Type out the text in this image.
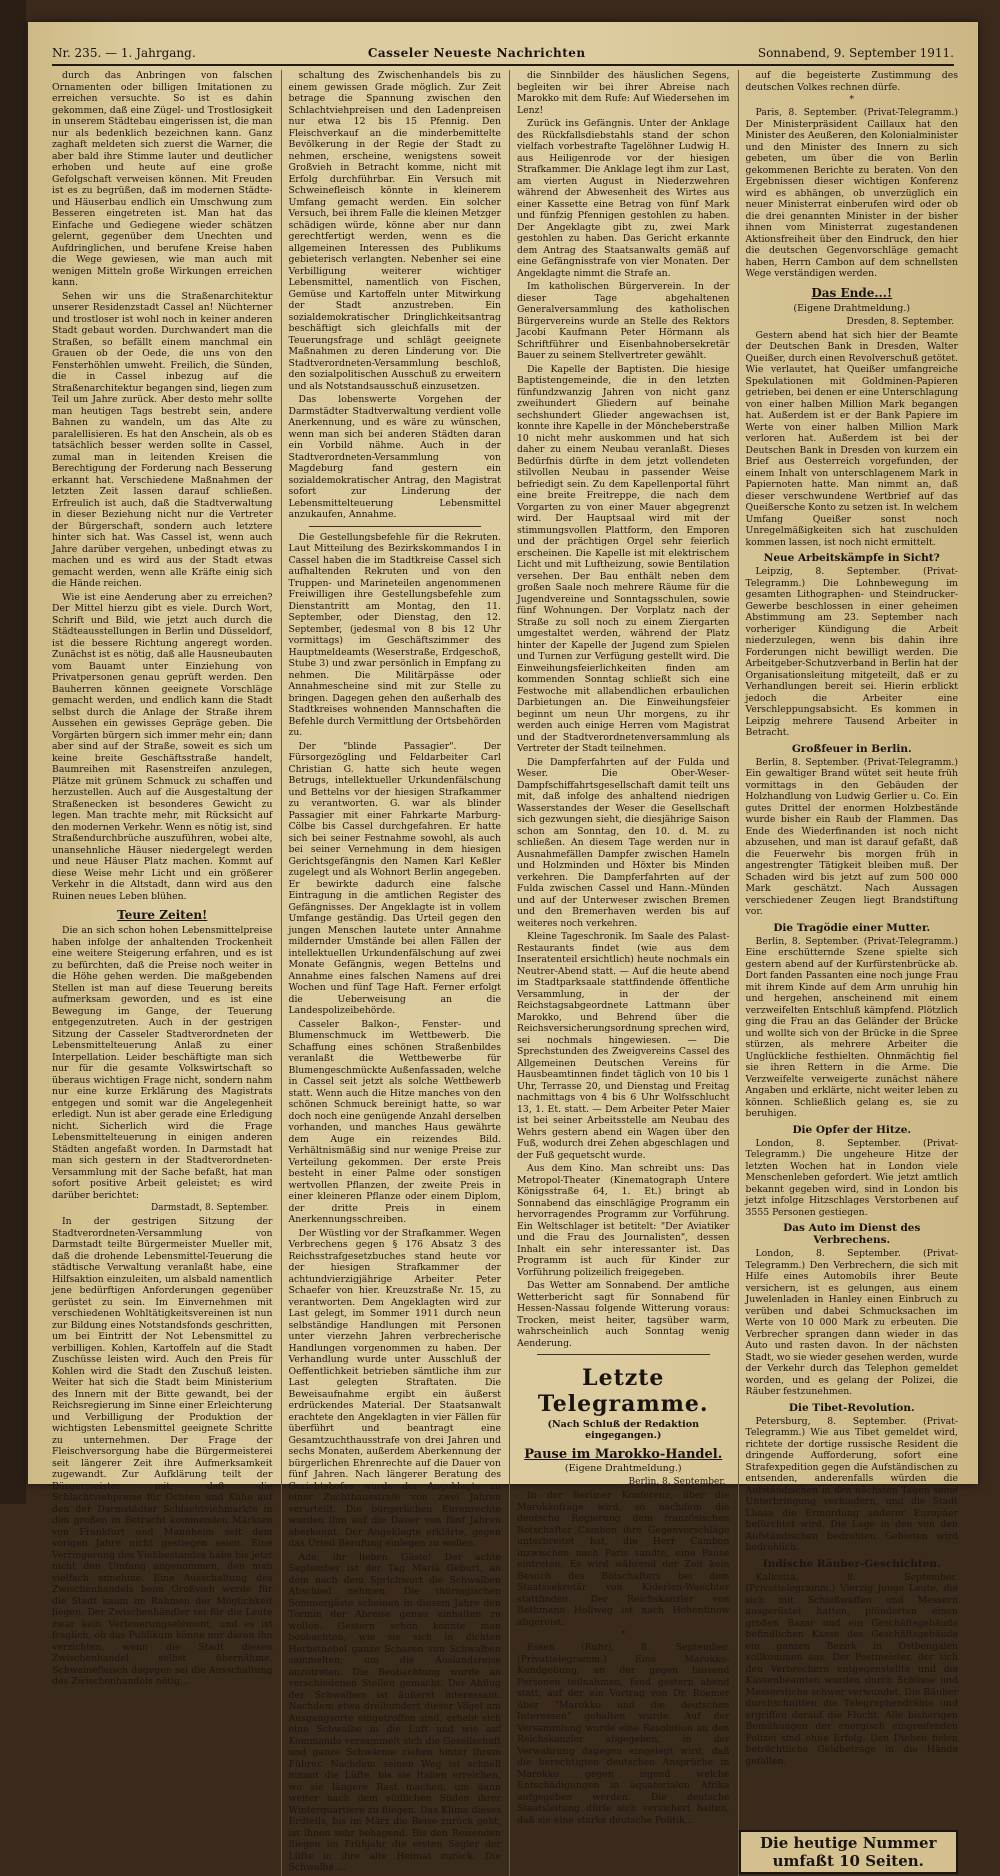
Nr. 235. — 1. Jahrgang.	Casseler Neueste Nachrichten	Sonnabend, 9. September 1911.

durch das Anbringen von falschen Ornamenten oder billigen Imitationen zu erreichen versuchte. So ist es dahin gekommen, daß eine Zügel- und Trostlosigkeit in unserem Städtebau eingerissen ist, die man nur als bedenklich bezeichnen kann. Ganz zaghaft meldeten sich zuerst die Warner, die aber bald ihre Stimme lauter und deutlicher erhoben und heute auf eine große Gefolgschaft verweisen können. Mit Freuden ist es zu begrüßen, daß im modernen Städte- und Häuserbau endlich ein Umschwung zum Besseren eingetreten ist. Man hat das Einfache und Gediegene wieder schätzen gelernt, gegenüber dem Unechten und Aufdringlichen, und berufene Kreise haben die Wege gewiesen, wie man auch mit wenigen Mitteln große Wirkungen erreichen kann.

Sehen wir uns die Straßenarchitektur unserer Residenzstadt Cassel an! Nüchterner und trostloser ist wohl noch in keiner anderen Stadt gebaut worden. Durchwandert man die Straßen, so befällt einem manchmal ein Grauen ob der Oede, die uns von den Fensterhöhlen umweht. Freilich, die Sünden, die in Cassel inbezug auf die Straßenarchitektur begangen sind, liegen zum Teil um Jahre zurück. Aber desto mehr sollte man heutigen Tags bestrebt sein, andere Bahnen zu wandeln, um das Alte zu paralellisieren. Es hat den Anschein, als ob es tatsächlich besser werden sollte in Cassel, zumal man in leitenden Kreisen die Berechtigung der Forderung nach Besserung erkannt hat. Verschiedene Maßnahmen der letzten Zeit lassen darauf schließen. Erfreulich ist auch, daß die Stadtverwaltung in dieser Beziehung nicht nur die Vertreter der Bürgerschaft, sondern auch letztere hinter sich hat. Was Cassel ist, wenn auch Jahre darüber vergehen, unbedingt etwas zu machen und es wird aus der Stadt etwas gemacht werden, wenn alle Kräfte einig sich die Hände reichen.

Wie ist eine Aenderung aber zu erreichen? Der Mittel hierzu gibt es viele. Durch Wort, Schrift und Bild, wie jetzt auch durch die Städteausstellungen in Berlin und Düsseldorf, ist die bessere Richtung angeregt worden. Zunächst ist es nötig, daß alle Hausneubauten vom Bauamt unter Einziehung von Privatpersonen genau geprüft werden. Den Bauherren können geeignete Vorschläge gemacht werden, und endlich kann die Stadt selbst durch die Anlage der Straße ihrem Aussehen ein gewisses Gepräge geben. Die Vorgärten bürgern sich immer mehr ein; dann aber sind auf der Straße, soweit es sich um keine breite Geschäftsstraße handelt, Baumreihen mit Rasenstreifen anzulegen, Plätze mit grünem Schmuck zu schaffen und herzustellen. Auch auf die Ausgestaltung der Straßenecken ist besonderes Gewicht zu legen. Man trachte mehr, mit Rücksicht auf den modernen Verkehr. Wenn es nötig ist, sind Straßendurchbrüche auszuführen, wobei alte, unansehnliche Häuser niedergelegt werden und neue Häuser Platz machen. Kommt auf diese Weise mehr Licht und ein größerer Verkehr in die Altstadt, dann wird aus den Ruinen neues Leben blühen.

Teure Zeiten!

Die an sich schon hohen Lebensmittelpreise haben infolge der anhaltenden Trockenheit eine weitere Steigerung erfahren, und es ist zu befürchten, daß die Preise noch weiter in die Höhe gehen werden. Die maßgebenden Stellen ist man auf diese Teuerung bereits aufmerksam geworden, und es ist eine Bewegung im Gange, der Teuerung entgegenzutreten. Auch in der gestrigen Sitzung der Casseler Stadtverordneten der Lebensmittelteuerung Anlaß zu einer Interpellation. Leider beschäftigte man sich nur für die gesamte Volkswirtschaft so überaus wichtigen Frage nicht, sondern nahm nur eine kurze Erklärung des Magistrats entgegen und somit war die Angelegenheit erledigt. Nun ist aber gerade eine Erledigung nicht. Sicherlich wird die Frage Lebensmittelteuerung in einigen anderen Städten angefaßt worden. In Darmstadt hat man sich gestern in der Stadtverordneten-Versammlung mit der Sache befaßt, hat man sofort positive Arbeit geleistet; es wird darüber berichtet:

Darmstadt, 8. September.

In der gestrigen Sitzung der Stadtverordneten-Versammlung von Darmstadt teilte Bürgermeister Mueller mit, daß die drohende Lebensmittel-Teuerung die städtische Verwaltung veranlaßt habe, eine Hilfsaktion einzuleiten, um alsbald namentlich jene bedürftigen Anforderungen gegenüber gerüstet zu sein. Im Einvernehmen mit verschiedenen Wohltätigkeitsvereinen ist nun zur Bildung eines Notstandsfonds geschritten, um bei Eintritt der Not Lebensmittel zu verbilligen. Kohlen, Kartoffeln auf die Stadt Zuschüsse leisten wird. Auch den Preis für Kohlen wird die Stadt den Zuschuß leisten. Weiter hat sich die Stadt beim Ministerium des Innern mit der Bitte gewandt, bei der Reichsregierung im Sinne einer Erleichterung und Verbilligung der Produktion der wichtigsten Lebensmittel geeignete Schritte zu unternehmen. Der Frage der Fleischversorgung habe die Bürgermeisterei seit längerer Zeit ihre Aufmerksamkeit zugewandt. Zur Aufklärung teilt der Bürgermeister mit, daß die Schlachtviehpreise für Ochsen und Kühe auf den der Darmstädter Schlachtviehmarkte in den großen in Betracht kommenden Märkten von Frankfurt und Mannheim seit dem vorigen Jahre nicht gestiegen seien. Eine Verringerung des Viehbestandes habe bis jetzt nicht den Umfang angenommen, den man vielfach annehme. Eine Ausschaltung des Zwischenhandels beim Großvieh werde für die Stadt kaum im Rahmen der Möglichkeit liegen. Der Zwischenhändler sei für die Leute zwar kein Verteuerungselement, und es ist fraglich, ob das Publikum könne nur daran ihn verzichten, wenn die Stadt diesen Zwischenhandel selbst übernähme. Schweinefleisch dagegen sei die Ausschaltung des Zwischenhandels nötig...

schaltung des Zwischenhandels bis zu einem gewissen Grade möglich. Zur Zeit betrage die Spannung zwischen den Schlachtviehpreisen und den Ladenpreisen nur etwa 12 bis 15 Pfennig. Den Fleischverkauf an die minderbemittelte Bevölkerung in der Regie der Stadt zu nehmen, erscheine, wenigstens soweit Großvieh in Betracht komme, nicht mit Erfolg durchführbar. Ein Versuch mit Schweinefleisch könnte in kleinerem Umfang gemacht werden. Ein solcher Versuch, bei ihrem Falle die kleinen Metzger schädigen würde, könne aber nur dann gerechtfertigt werden, wenn es die allgemeinen Interessen des Publikums gebieterisch verlangten. Nebenher sei eine Verbilligung weiterer wichtiger Lebensmittel, namentlich von Fischen, Gemüse und Kartoffeln unter Mitwirkung der Stadt anzustreben. Ein sozialdemokratischer Dringlichkeitsantrag beschäftigt sich gleichfalls mit der Teuerungsfrage und schlägt geeignete Maßnahmen zu deren Linderung vor. Die Stadtverordneten-Versammlung beschloß, den sozialpolitischen Ausschuß zu erweitern und als Notstandsausschuß einzusetzen.

Das lobenswerte Vorgehen der Darmstädter Stadtverwaltung verdient volle Anerkennung, und es wäre zu wünschen, wenn man sich bei anderen Städten daran ein Vorbild nähme. Auch in der Stadtverordneten-Versammlung von Magdeburg fand gestern ein sozialdemokratischer Antrag, den Magistrat sofort zur Linderung der Lebensmittelteuerung Lebensmittel anzukaufen, Annahme.

Die Gestellungsbefehle für die Rekruten. Laut Mitteilung des Bezirkskommandos I in Cassel haben die im Stadtkreise Cassel sich aufhaltenden Rekruten und von den Truppen- und Marineteilen angenommenen Freiwilligen ihre Gestellungsbefehle zum Dienstantritt am Montag, den 11. September, oder Dienstag, den 12. September, (jedesmal von 8 bis 12 Uhr vormittags) im Geschäftszimmer des Hauptmeldeamts (Weserstraße, Erdgeschoß, Stube 3) und zwar persönlich in Empfang zu nehmen. Die Militärpässe oder Annahmescheine sind mit zur Stelle zu bringen. Dagegen gehen den außerhalb des Stadtkreises wohnenden Mannschaften die Befehle durch Vermittlung der Ortsbehörden zu.

Der "blinde Passagier". Der Fürsorgezögling und Feldarbeiter Carl Christian G. hatte sich heute wegen Betrugs, intellektueller Urkundenfälschung und Bettelns vor der hiesigen Strafkammer zu verantworten. G. war als blinder Passagier mit einer Fahrkarte Marburg-Cölbe bis Cassel durchgefahren. Er hatte sich bei seiner Festnahme sowohl, als auch bei seiner Vernehmung in dem hiesigen Gerichtsgefängnis den Namen Karl Keßler zugelegt und als Wohnort Berlin angegeben. Er bewirkte dadurch eine falsche Eintragung in die amtlichen Register des Gefängnisses. Der Angeklagte ist in vollem Umfange geständig. Das Urteil gegen den jungen Menschen lautete unter Annahme mildernder Umstände bei allen Fällen der intellektuellen Urkundenfälschung auf zwei Monate Gefängnis, wegen Bettelns und Annahme eines falschen Namens auf drei Wochen und fünf Tage Haft. Ferner erfolgt die Ueberweisung an die Landespolizeibehörde.

Casseler Balkon-, Fenster- und Blumenschmuck im Wettbewerb. Die Schaffung eines schönen Straßenbildes veranlaßt die Wettbewerbe für Blumengeschmückte Außenfassaden, welche in Cassel seit jetzt als solche Wettbewerb statt. Wenn auch die Hitze manches von den schönen Schmuck bereinigt hatte, so war doch noch eine genügende Anzahl derselben vorhanden, und manches Haus gewährte dem Auge ein reizendes Bild. Verhältnismäßig sind nur wenige Preise zur Verteilung gekommen. Der erste Preis besteht in einer Palme oder sonstigen wertvollen Pflanzen, der zweite Preis in einer kleineren Pflanze oder einem Diplom, der dritte Preis in einem Anerkennungsschreiben.

Der Wüstling vor der Strafkammer. Wegen Verbrechens gegen § 176 Absatz 3 des Reichsstrafgesetzbuches stand heute vor der hiesigen Strafkammer der achtundvierzigjährige Arbeiter Peter Schaefer von hier. Kreuzstraße Nr. 15, zu verantworten. Dem Angeklagten wird zur Last gelegt, im Sommer 1911 durch neun selbständige Handlungen mit Personen unter vierzehn Jahren verbrecherische Handlungen vorgenommen zu haben. Der Verhandlung wurde unter Ausschluß der Oeffentlichkeit betrieben sämtliche ihm zur Last gelegten Straftaten. Die Beweisaufnahme ergibt ein äußerst erdrückendes Material. Der Staatsanwalt erachtete den Angeklagten in vier Fällen für überführt und beantragt eine Gesamtzuchthausstrafe von drei Jahren und sechs Monaten, außerdem Aberkennung der bürgerlichen Ehrenrechte auf die Dauer von fünf Jahren. Nach längerer Beratung des Gerichtshofes wurde der Angeklagte zu einer Zuchthausstrafe von zwei Jahren verurteilt. Die bürgerlichen Ehrenrechte wurden ihm auf die Dauer von fünf Jahren aberkannt. Der Angeklagte erklärte, gegen das Urteil Berufung einlegen zu wollen.

Ade, ihr lieben Gäste! Der achte September ist der Tag Mariä Geburt, an dem nach dem Sprichwort die Schwalben Abschied nehmen. Die thüringischen Sommergäste scheinen in diesem Jahre den Termin der Abreise genau einhalten zu wollen. Gestern schon konnte man beobachten, wie sie sich in dichten Herbstnebel ganze Scharen von Schwalben sammelten, um die Auslandsreise anzutreten. Die Beobachtung wurde an verschiedenen Stellen gemacht. Der Abflug der Schwalben ist äußerst interessant. Nachdem etwa dreihundert dieser Vögel am Ausgangsorte eingetroffen sind, erhebt sich eine Schwalbe in die Luft und wie auf Kommando versammelt sich die Gesellschaft und ganze Schwärme ziehen hinter ihrem Führer. Nachdem seinen Weg ist schnell nimmt die Lüfte, bis sie Italien erreichen, wo sie längere Rast machen, um dann weiter nach dem südlichen Süden ihrer Winterquartiere zu fliegen. Das Klima dieses Erdteils, bis im März die Reise zurück geht, ist ihnen sehr behagend. Bis den Reisenden fliegen im Frühjahr die ersten Segler der Lüfte in ihre alte Heimat zurück. Die Schwalbe ...

die Sinnbilder des häuslichen Segens, begleiten wir bei ihrer Abreise nach Marokko mit dem Rufe: Auf Wiedersehen im Lenz!

Zurück ins Gefängnis. Unter der Anklage des Rückfallsdiebstahls stand der schon vielfach vorbestrafte Tagelöhner Ludwig H. aus Heiligenrode vor der hiesigen Strafkammer. Die Anklage legt ihm zur Last, am vierten August in Niederzwehren während der Abwesenheit des Wirtes aus einer Kassette eine Betrag von fünf Mark und fünfzig Pfennigen gestohlen zu haben. Der Angeklagte gibt zu, zwei Mark gestohlen zu haben. Das Gericht erkannte dem Antrag des Staatsanwalts gemäß auf eine Gefängnisstrafe von vier Monaten. Der Angeklagte nimmt die Strafe an.

Im katholischen Bürgerverein. In der dieser Tage abgehaltenen Generalversammlung des katholischen Bürgervereins wurde an Stelle des Rektors Jacobi Kaufmann Peter Hörmann als Schriftführer und Eisenbahnobersekretär Bauer zu seinem Stellvertreter gewählt.

Die Kapelle der Baptisten. Die hiesige Baptistengemeinde, die in den letzten fünfundzwanzig Jahren von nicht ganz zweihundert Gliedern auf beinahe sechshundert Glieder angewachsen ist, konnte ihre Kapelle in der Möncheberstraße 10 nicht mehr auskommen und hat sich daher zu einem Neubau veranlaßt. Dieses Bedürfnis dürfte in dem jetzt vollendeten stilvollen Neubau in passender Weise befriedigt sein. Zu dem Kapellenportal führt eine breite Freitreppe, die nach dem Vorgarten zu von einer Mauer abgegrenzt wird. Der Hauptsaal wird mit der stimmungsvollen Plattform, den Emporen und der prächtigen Orgel sehr feierlich erscheinen. Die Kapelle ist mit elektrischem Licht und mit Luftheizung, sowie Bentilation versehen. Der Bau enthält neben dem großen Saale noch mehrere Räume für die Jugendvereine und Sonntagsschulen, sowie fünf Wohnungen. Der Vorplatz nach der Straße zu soll noch zu einem Ziergarten umgestaltet werden, während der Platz hinter der Kapelle der Jugend zum Spielen und Turnen zur Verfügung gestellt wird. Die Einweihungsfeierlichkeiten finden am kommenden Sonntag schließt sich eine Festwoche mit allabendlichen erbaulichen Darbietungen an. Die Einweihungsfeier beginnt um neun Uhr morgens, zu ihr werden auch einige Herren vom Magistrat und der Stadtverordnetenversammlung als Vertreter der Stadt teilnehmen.

Die Dampferfahrten auf der Fulda und Weser. Die Ober-Weser-Dampfschiffahrtsgesellschaft damit teilt uns mit, daß infolge des anhaltend niedrigen Wasserstandes der Weser die Gesellschaft sich gezwungen sieht, die diesjährige Saison schon am Sonntag, den 10. d. M. zu schließen. An diesem Tage werden nur in Ausnahmefällen Dampfer zwischen Hameln und Holzminden und Höxter bis Minden verkehren. Die Dampferfahrten auf der Fulda zwischen Cassel und Hann.-Münden und auf der Unterweser zwischen Bremen und den Bremerhaven werden bis auf weiteres noch verkehren.

Kleine Tageschronik. Im Saale des Palast-Restaurants findet (wie aus dem Inseratenteil ersichtlich) heute nochmals ein Neutrer-Abend statt. — Auf die heute abend im Stadtparksaale stattfindende öffentliche Versammlung, in der der Reichstagsabgeordnete Lattmann über Marokko, und Behrend über die Reichsversicherungsordnung sprechen wird, sei nochmals hingewiesen. — Die Sprechstunden des Zweigvereins Cassel des Allgemeinen Deutschen Vereins für Hausbeamtinnen findet täglich von 10 bis 1 Uhr, Terrasse 20, und Dienstag und Freitag nachmittags von 4 bis 6 Uhr Wolfsschlucht 13, 1. Et. statt. — Dem Arbeiter Peter Maier ist bei seiner Arbeitsstelle am Neubau des Wehrs gestern abend ein Wagen über den Fuß, wodurch drei Zehen abgeschlagen und der Fuß gequetscht wurde.

Aus dem Kino. Man schreibt uns: Das Metropol-Theater (Kinematograph Untere Königsstraße 64, 1. Et.) bringt ab Sonnabend das einschlägige Programm ein hervorragendes Programm zur Vorführung. Ein Weltschlager ist betitelt: "Der Aviatiker und die Frau des Journalisten", dessen Inhalt ein sehr interessanter ist. Das Programm ist auch für Kinder zur Vorführung polizeilich freigegeben.

Das Wetter am Sonnabend. Der amtliche Wetterbericht sagt für Sonnabend für Hessen-Nassau folgende Witterung voraus: Trocken, meist heiter, tagsüber warm, wahrscheinlich auch Sonntag wenig Aenderung.

Letzte Telegramme.
(Nach Schluß der Redaktion eingegangen.)
Pause im Marokko-Handel.
(Eigene Drahtmeldung.)
Berlin, 8. September.

In der Berliner Konferenz, über die Marokkofrage wird, so nachdem die deutsche Regierung dem französischen Botschafter Cambon ihre Gegenvorschläge unterbreitet hat, die Herr Cambon inzwischen nach Paris sandte, eine Pause eintreten. Es wird während der Zeit kein Besuch des Botschafters bei dem Staatssekretär von Kiderlen-Waechter stattfinden. Der Reichskanzler von Bethmann Hollweg ist nach Hohenfinow abgereist.

*

Essen (Ruhr), 8. September. (Privattelegramm.) Eine Marokko-Kundgebung, an der gegen tausend Personen teilnahmen, fand gestern abend statt, auf der ein Vortrag von Dr. Roemer über "Marokko und die deutschen Interessen" gehalten wurde. Auf der Versammlung wurde eine Resolution an den Reichskanzler abgegeben, in der Verwahrung dagegen eingelegt wird, daß die berechtigten deutschen Ansprüche in Marokko gegen irgend welche Entschädigungen in äquatorialen Afrika aufgegeben werden. Die deutsche Staatsleitung dürfe sich versichert halten, daß sie eine starke deutsche Politik...

auf die begeisterte Zustimmung des deutschen Volkes rechnen dürfe.

*

Paris, 8. September. (Privat-Telegramm.) Der Ministerpräsident Caillaux hat den Minister des Aeußeren, den Kolonialminister und den Minister des Innern zu sich gebeten, um über die von Berlin gekommenen Berichte zu beraten. Von den Ergebnissen dieser wichtigen Konferenz wird es abhängen, ob unverzüglich ein neuer Ministerrat einberufen wird oder ob die drei genannten Minister in der bisher ihnen vom Ministerrat zugestandenen Aktionsfreiheit über den Eindruck, den hier die deutschen Gegenvorschläge gemacht haben, Herrn Cambon auf dem schnellsten Wege verständigen werden.

Das Ende...!
(Eigene Drahtmeldung.)
Dresden, 8. September.

Gestern abend hat sich hier der Beamte der Deutschen Bank in Dresden, Walter Queißer, durch einen Revolverschuß getötet. Wie verlautet, hat Queißer umfangreiche Spekulationen mit Goldminen-Papieren getrieben, bei denen er eine Unterschlagung von einer halben Million Mark begangen hat. Außerdem ist er der Bank Papiere im Werte von einer halben Million Mark verloren hat. Außerdem ist bei der Deutschen Bank in Dresden von kurzem ein Brief aus Oesterreich vorgefunden, der einem Inhalt von unterschlagenem Mark in Papiernoten hatte. Man nimmt an, daß dieser verschwundene Wertbrief auf das Queißersche Konto zu setzen ist. In welchem Umfang Queißer sonst noch Unregelmäßigkeiten sich hat zuschulden kommen lassen, ist noch nicht ermittelt.

Neue Arbeitskämpfe in Sicht?

Leipzig, 8. September. (Privat-Telegramm.) Die Lohnbewegung im gesamten Lithographen- und Steindrucker-Gewerbe beschlossen in einer geheimen Abstimmung am 23. September nach vorheriger Kündigung die Arbeit niederzulegen, wenn bis dahin ihre Forderungen nicht bewilligt werden. Die Arbeitgeber-Schutzverband in Berlin hat der Organisationsleitung mitgeteilt, daß er zu Verhandlungen bereit sei. Hierin erblickt jedoch die Arbeiter eine Verschleppungsabsicht. Es kommen in Leipzig mehrere Tausend Arbeiter in Betracht.

Großfeuer in Berlin.

Berlin, 8. September. (Privat-Telegramm.) Ein gewaltiger Brand wütet seit heute früh vormittags in den Gebäuden der Holzhandlung von Ludwig Gerlier u. Co. Ein gutes Drittel der enormen Holzbestände wurde bisher ein Raub der Flammen. Das Ende des Wiederfinanden ist noch nicht abzusehen, und man ist darauf gefaßt, daß die Feuerwehr bis morgen früh in angestrengter Tätigkeit bleiben muß. Der Schaden wird bis jetzt auf zum 500 000 Mark geschätzt. Nach Aussagen verschiedener Zeugen liegt Brandstiftung vor.

Die Tragödie einer Mutter.

Berlin, 8. September. (Privat-Telegramm.) Eine erschütternde Szene spielte sich gestern abend auf der Kurfürstenbrücke ab. Dort fanden Passanten eine noch junge Frau mit ihrem Kinde auf dem Arm unruhig hin und hergehen, anscheinend mit einem verzweifelten Entschluß kämpfend. Plötzlich ging die Frau an das Geländer der Brücke und wollte sich von der Brücke in die Spree stürzen, als mehrere Arbeiter die Unglückliche festhielten. Ohnmächtig fiel sie ihren Rettern in die Arme. Die Verzweifelte verweigerte zunächst nähere Angaben und erklärte, nicht weiter leben zu können. Schließlich gelang es, sie zu beruhigen.

Die Opfer der Hitze.

London, 8. September. (Privat-Telegramm.) Die ungeheure Hitze der letzten Wochen hat in London viele Menschenleben gefordert. Wie jetzt amtlich bekannt gegeben wird, sind in London bis jetzt infolge Hitzschlages Verstorbenen auf 3555 Personen gestiegen.

Das Auto im Dienst des Verbrechens.

London, 8. September. (Privat-Telegramm.) Den Verbrechern, die sich mit Hilfe eines Automobils ihrer Beute versichern, ist es gelungen, aus einem Juwelenladen in Hanley einen Einbruch zu verüben und dabei Schmucksachen im Werte von 10 000 Mark zu erbeuten. Die Verbrecher sprangen dann wieder in das Auto und rasten davon. In der nächsten Stadt, wo sie wieder gesehen werden, wurde der Verkehr durch das Telephon gemeldet worden, und es gelang der Polizei, die Räuber festzunehmen.

Die Tibet-Revolution.

Petersburg, 8. September. (Privat-Telegramm.) Wie aus Tibet gemeldet wird, richtete der dortige russische Resident die dringende Aufforderung, sofort eine Strafexpedition gegen die Aufständischen zu entsenden, anderenfalls würden die Aufständischen in den nächsten Tagen seine Unterbringung verhindern, und die Stadt Lhasa die Ermordung anderer Europäer befürchtet wird. Die Lage in den von den Aufständischen bedrohten Gebieten wird bedrohlich.

Indische Räuber-Geschichten.

Kalkutta, 8. September. (Privattelegramm.) Vierzig junge Leute, die sich mit Schießwaffen und Messern ausgerüstet hatten, plünderten einen großen Bazar und ein Geschäftsgebäude befindlichen Kasse des Geschäftsgebäude ein ganzen Bezirk in Ostbengalen vollkommen aus. Der Postmeister, der sich den Verbrechern entgegenstellte und die Kassenbeamten wurden durch Schüsse und Messerstiche schwer verwundet. Die Räuber durchschnitten die Telegraphendrähte und ergriffen darauf die Flucht. Alle bisherigen Bemühungen der energisch eingreifenden Polizei sind ohne Erfolg. Den Dieben fielen beträchtliche Geldbeträge in die Hände gefallen.

Die heutige Nummer umfaßt 10 Seiten.
